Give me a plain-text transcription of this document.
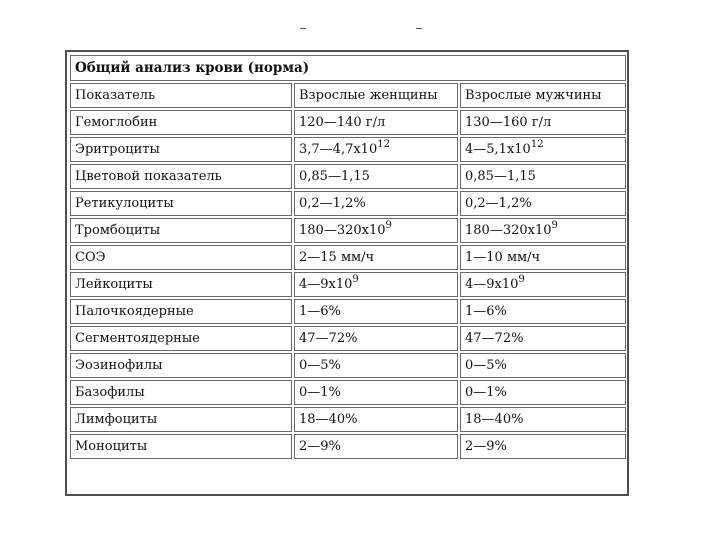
Общий анализ крови (норма)		
Показатель	Взрослые женщины	Взрослые мужчины
Гемоглобин	120—140 г/л	130—160 г/л
Эритроциты	$3,7—4,7х10^{12}$	$4—5,1х10^{12}$
Цветовой показатель	0,85—1,15	0,85—1,15
Ретикулоциты	0,2—1,2%	0,2—1,2%
Тромбоциты	$180—320х10^9$	$180—320х10^9$
СОЭ	2—15 мм/ч	1—10 мм/ч
Лейкоциты	$4—9х10^9$	$4—9х10^9$
Палочкоядерные	1—6%	1—6%
Сегментоядерные	47—72%	47—72%
Эозинофилы	0—5%	0—5%
Базофилы	0—1%	0—1%
Лимфоциты	18—40%	18—40%
Моноциты	2—9%	2—9%
